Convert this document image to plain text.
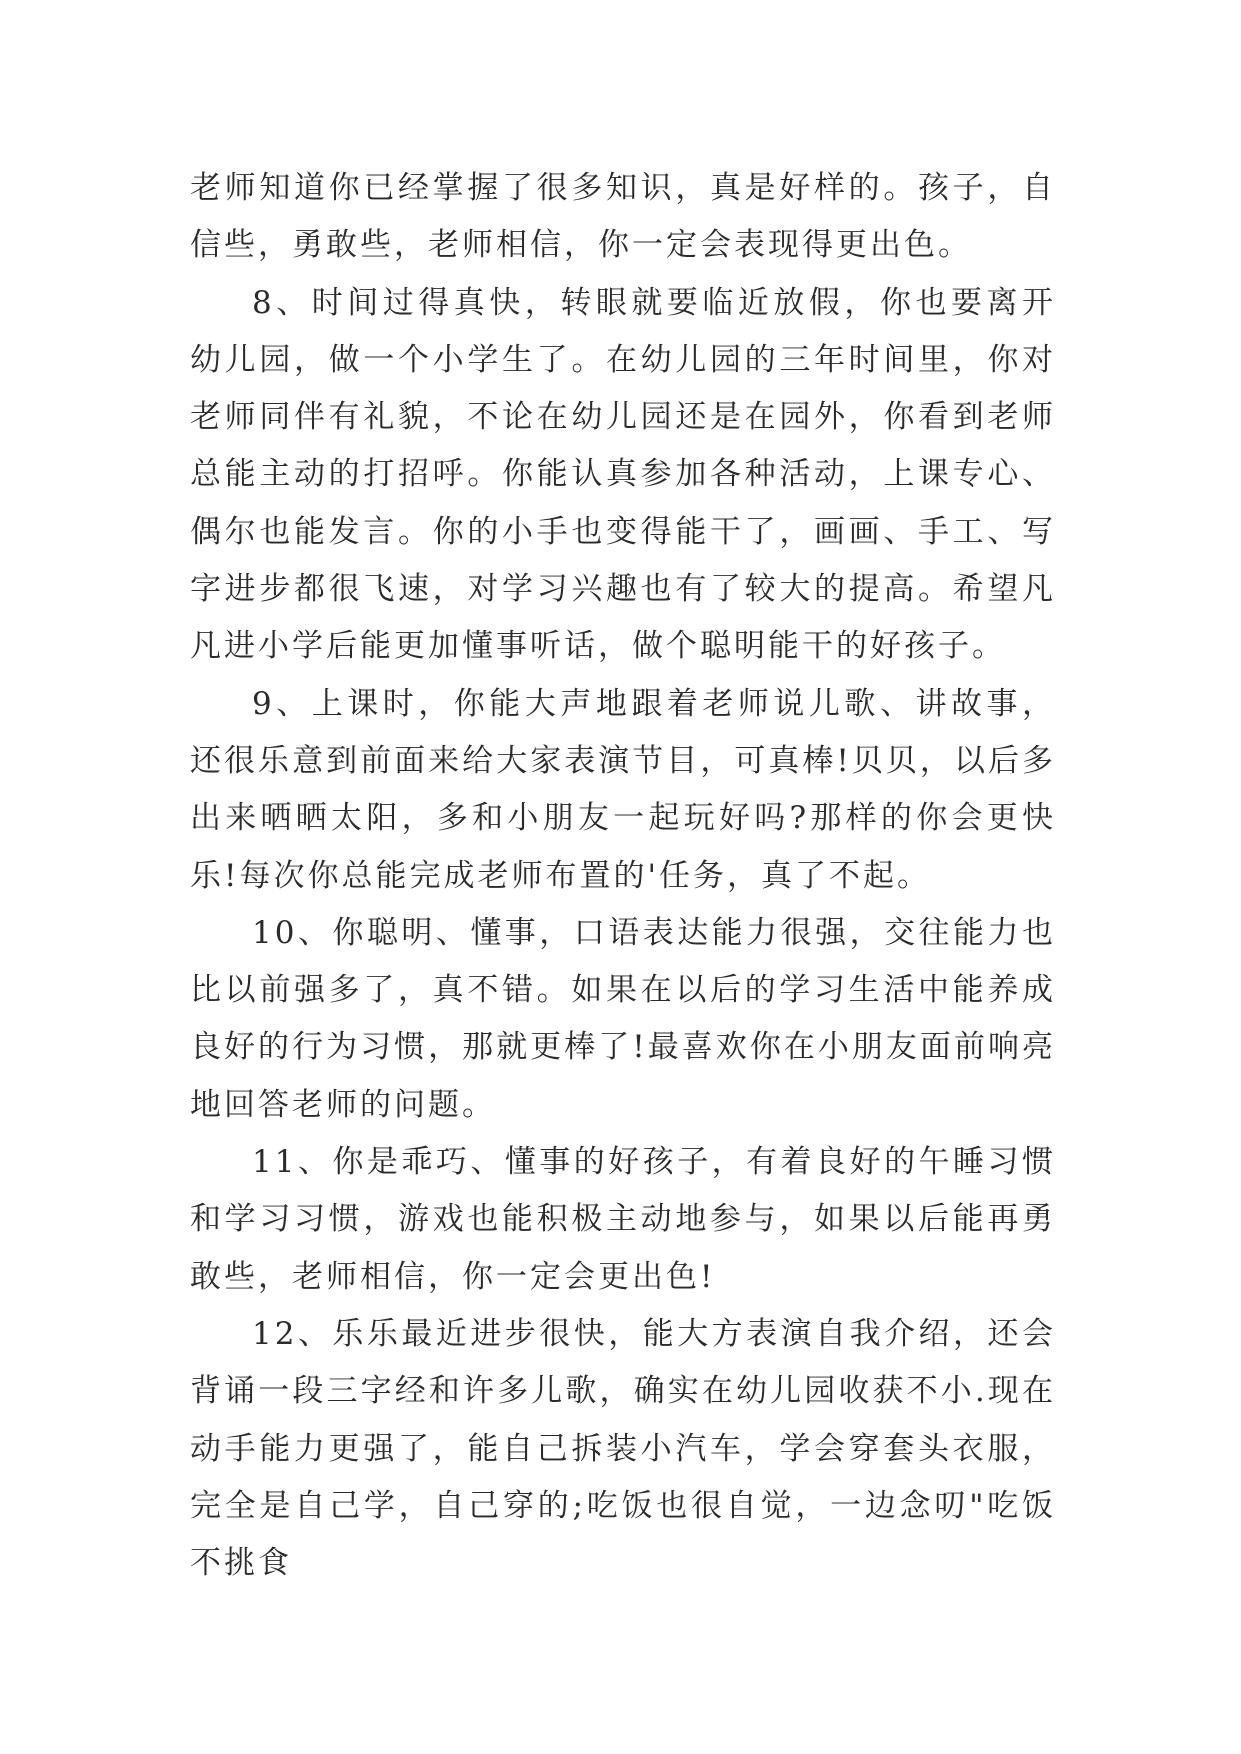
老师知道你已经掌握了很多知识，真是好样的。孩子，自信些，勇敢些，老师相信，你一定会表现得更出色。

8、时间过得真快，转眼就要临近放假，你也要离开幼儿园，做一个小学生了。在幼儿园的三年时间里，你对老师同伴有礼貌，不论在幼儿园还是在园外，你看到老师总能主动的打招呼。你能认真参加各种活动，上课专心、偶尔也能发言。你的小手也变得能干了，画画、手工、写字进步都很飞速，对学习兴趣也有了较大的提高。希望凡凡进小学后能更加懂事听话，做个聪明能干的好孩子。

9、上课时，你能大声地跟着老师说儿歌、讲故事，还很乐意到前面来给大家表演节目，可真棒!贝贝，以后多出来晒晒太阳，多和小朋友一起玩好吗?那样的你会更快乐!每次你总能完成老师布置的'任务，真了不起。

10、你聪明、懂事，口语表达能力很强，交往能力也比以前强多了，真不错。如果在以后的学习生活中能养成良好的行为习惯，那就更棒了!最喜欢你在小朋友面前响亮地回答老师的问题。

11、你是乖巧、懂事的好孩子，有着良好的午睡习惯和学习习惯，游戏也能积极主动地参与，如果以后能再勇敢些，老师相信，你一定会更出色!

12、乐乐最近进步很快，能大方表演自我介绍，还会背诵一段三字经和许多儿歌，确实在幼儿园收获不小.现在动手能力更强了，能自己拆装小汽车，学会穿套头衣服，完全是自己学，自己穿的;吃饭也很自觉，一边念叨"吃饭不挑食
